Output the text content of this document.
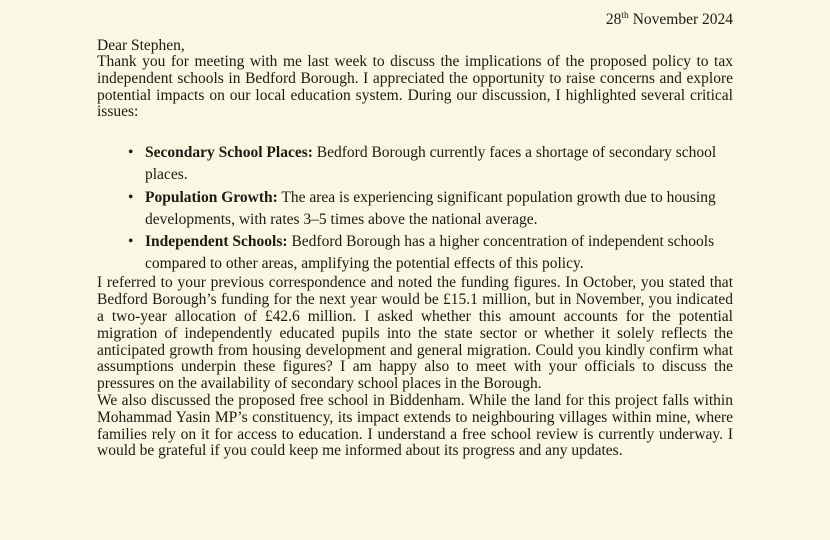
28th November 2024

Dear Stephen,

Thank you for meeting with me last week to discuss the implications of the proposed policy to tax independent schools in Bedford Borough. I appreciated the opportunity to raise concerns and explore potential impacts on our local education system. During our discussion, I highlighted several critical issues:

• Secondary School Places: Bedford Borough currently faces a shortage of secondary school places.
• Population Growth: The area is experiencing significant population growth due to housing developments, with rates 3–5 times above the national average.
• Independent Schools: Bedford Borough has a higher concentration of independent schools compared to other areas, amplifying the potential effects of this policy.

I referred to your previous correspondence and noted the funding figures. In October, you stated that Bedford Borough’s funding for the next year would be £15.1 million, but in November, you indicated a two-year allocation of £42.6 million. I asked whether this amount accounts for the potential migration of independently educated pupils into the state sector or whether it solely reflects the anticipated growth from housing development and general migration. Could you kindly confirm what assumptions underpin these figures? I am happy also to meet with your officials to discuss the pressures on the availability of secondary school places in the Borough.

We also discussed the proposed free school in Biddenham. While the land for this project falls within Mohammad Yasin MP’s constituency, its impact extends to neighbouring villages within mine, where families rely on it for access to education. I understand a free school review is currently underway. I would be grateful if you could keep me informed about its progress and any updates.
